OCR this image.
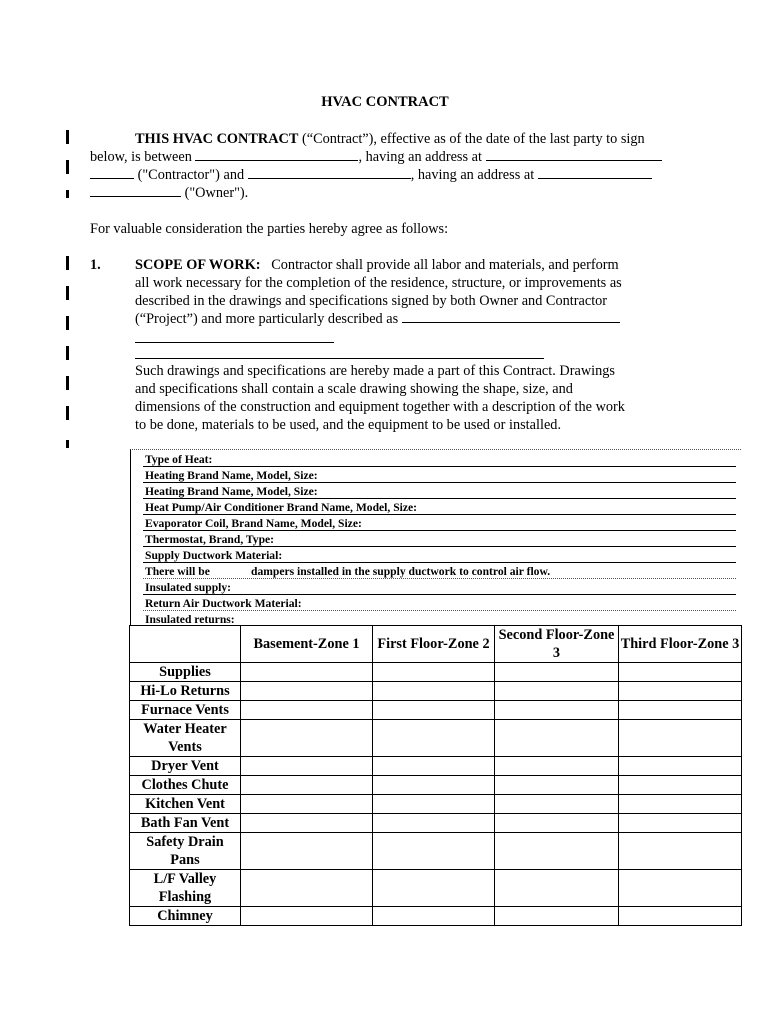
HVAC CONTRACT
THIS HVAC CONTRACT (“Contract”), effective as of the date of the last party to sign
below, is between	, having an address at
("Contractor") and	, having an address at
("Owner").
For valuable consideration the parties hereby agree as follows:
1. SCOPE OF WORK: Contractor shall provide all labor and materials, and perform
all work necessary for the completion of the residence, structure, or improvements as
described in the drawings and specifications signed by both Owner and Contractor
(“Project”) and more particularly described as
Such drawings and specifications are hereby made a part of this Contract. Drawings
and specifications shall contain a scale drawing showing the shape, size, and
dimensions of the construction and equipment together with a description of the work
to be done, materials to be used, and the equipment to be used or installed.
Type of Heat:
Heating Brand Name, Model, Size:
Heating Brand Name, Model, Size:
Heat Pump/Air Conditioner Brand Name, Model, Size:
Evaporator Coil, Brand Name, Model, Size:
Thermostat, Brand, Type:
Supply Ductwork Material:
There will be	dampers installed in the supply ductwork to control air flow.
Insulated supply:
Return Air Ductwork Material:
Insulated returns:
	Basement-Zone 1	First Floor-Zone 2	Second Floor-Zone 3	Third Floor-Zone 3
Supplies				
Hi-Lo Returns				
Furnace Vents				
Water Heater Vents				
Dryer Vent				
Clothes Chute				
Kitchen Vent				
Bath Fan Vent				
Safety Drain Pans				
L/F Valley Flashing				
Chimney				
